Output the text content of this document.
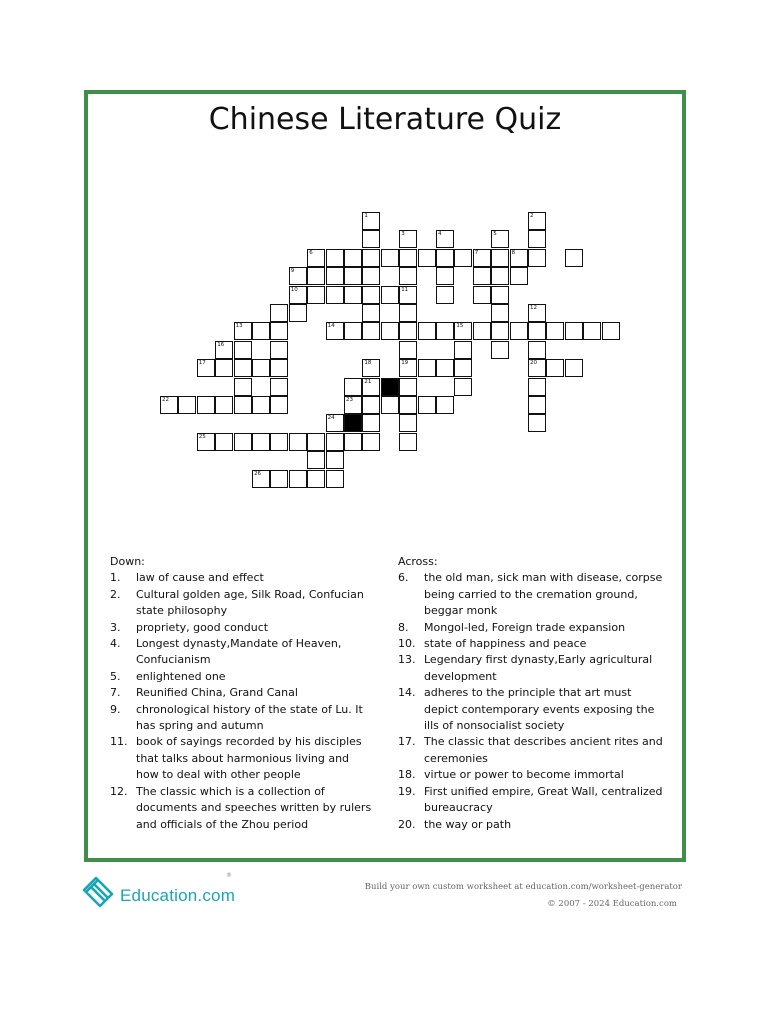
Chinese Literature Quiz
6	7	8
9
10	11
13	14	15
16
17	19	20
22	23
24
25
26
12
18
21
1	2
3	4	5
Down:
1.	law of cause and effect
2.	Cultural golden age, Silk Road, Confucian state philosophy
3.	propriety, good conduct
4.	Longest dynasty,Mandate of Heaven, Confucianism
5.	enlightened one
7.	Reunified China, Grand Canal
9.	chronological history of the state of Lu. It has spring and autumn
11. book of sayings recorded by his disciples that talks about harmonious living and how to deal with other people
12. The classic which is a collection of documents and speeches written by rulers and officials of the Zhou period
Across:
6.	the old man, sick man with disease, corpse being carried to the cremation ground, beggar monk
8.	Mongol-led, Foreign trade expansion
10. state of happiness and peace
13. Legendary first dynasty,Early agricultural development
14. adheres to the principle that art must depict contemporary events exposing the ills of nonsocialist society
17. The classic that describes ancient rites and ceremonies
18. virtue or power to become immortal
19. First unified empire, Great Wall, centralized bureaucracy
20. the way or path
Education.com
®
Build your own custom worksheet at education.com/worksheet-generator
© 2007 - 2024 Education.com
